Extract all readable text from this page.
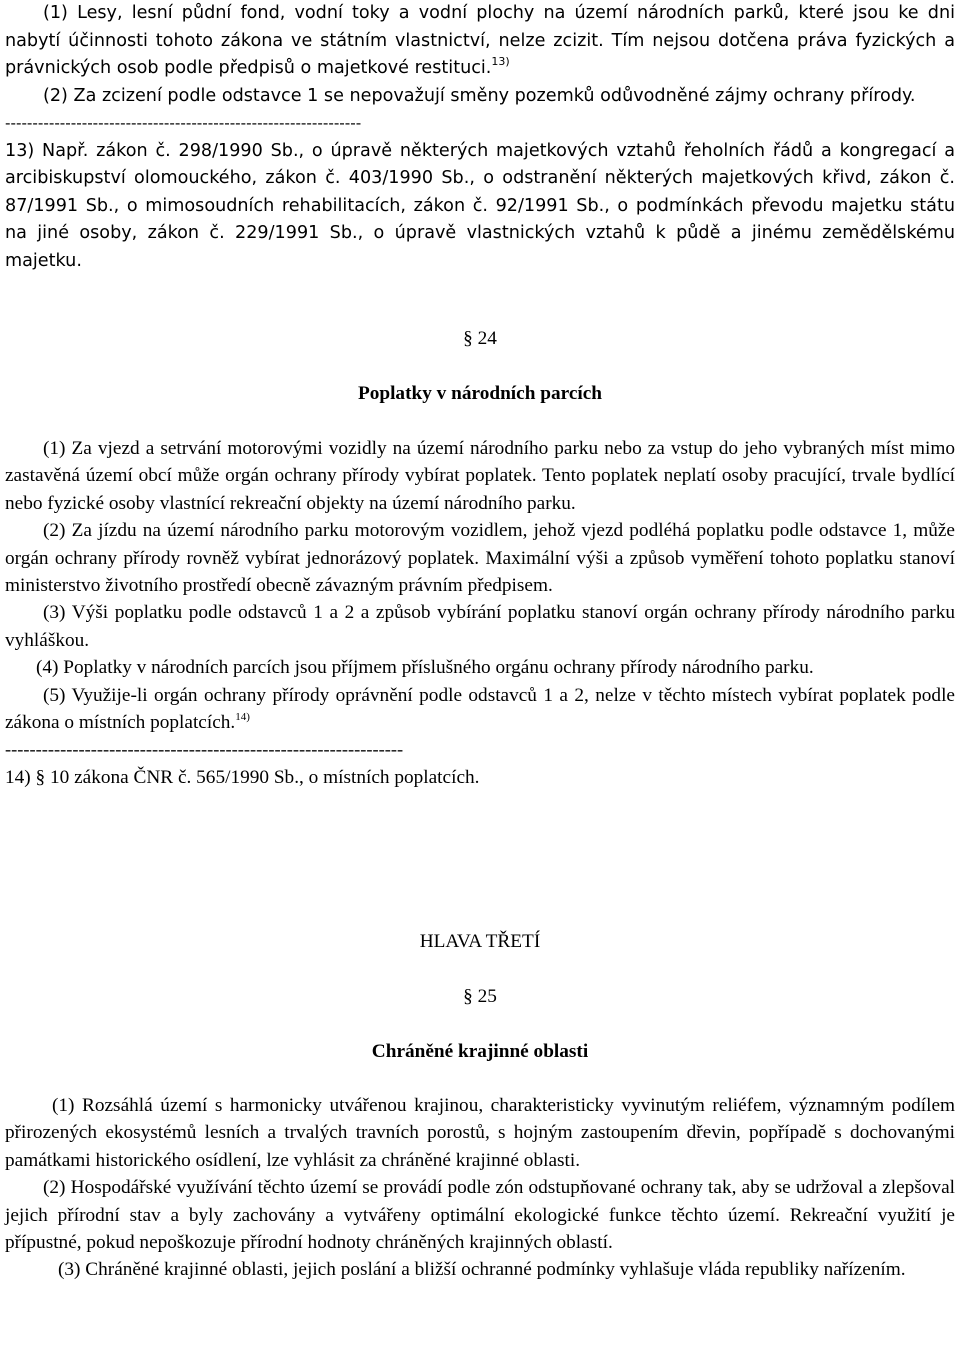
(1) Lesy, lesní půdní fond, vodní toky a vodní plochy na území národních parků, které jsou ke dni nabytí účinnosti tohoto zákona ve státním vlastnictví, nelze zcizit. Tím nejsou dotčena práva fyzických a právnických osob podle předpisů o majetkové restituci.$^{13)}$

(2) Za zcizení podle odstavce 1 se nepovažují směny pozemků odůvodněné zájmy ochrany přírody.

-----------------------------------------------------------------

13) Např. zákon č. 298/1990 Sb., o úpravě některých majetkových vztahů řeholních řádů a kongregací a arcibiskupství olomouckého, zákon č. 403/1990 Sb., o odstranění některých majetkových křivd, zákon č. 87/1991 Sb., o mimosoudních rehabilitacích, zákon č. 92/1991 Sb., o podmínkách převodu majetku státu na jiné osoby, zákon č. 229/1991 Sb., o úpravě vlastnických vztahů k půdě a jinému zemědělskému majetku.

§ 24

Poplatky v národních parcích

(1) Za vjezd a setrvání motorovými vozidly na území národního parku nebo za vstup do jeho vybraných míst mimo zastavěná území obcí může orgán ochrany přírody vybírat poplatek. Tento poplatek neplatí osoby pracující, trvale bydlící nebo fyzické osoby vlastnící rekreační objekty na území národního parku.

(2) Za jízdu na území národního parku motorovým vozidlem, jehož vjezd podléhá poplatku podle odstavce 1, může orgán ochrany přírody rovněž vybírat jednorázový poplatek. Maximální výši a způsob vyměření tohoto poplatku stanoví ministerstvo životního prostředí obecně závazným právním předpisem.

(3) Výši poplatku podle odstavců 1 a 2 a způsob vybírání poplatku stanoví orgán ochrany přírody národního parku vyhláškou.

(4) Poplatky v národních parcích jsou příjmem příslušného orgánu ochrany přírody národního parku.

(5) Využije-li orgán ochrany přírody oprávnění podle odstavců 1 a 2, nelze v těchto místech vybírat poplatek podle zákona o místních poplatcích.$^{14)}$

-----------------------------------------------------------------

14) § 10 zákona ČNR č. 565/1990 Sb., o místních poplatcích.

HLAVA TŘETÍ

§ 25

Chráněné krajinné oblasti

(1) Rozsáhlá území s harmonicky utvářenou krajinou, charakteristicky vyvinutým reliéfem, významným podílem přirozených ekosystémů lesních a trvalých travních porostů, s hojným zastoupením dřevin, popřípadě s dochovanými památkami historického osídlení, lze vyhlásit za chráněné krajinné oblasti.

(2) Hospodářské využívání těchto území se provádí podle zón odstupňované ochrany tak, aby se udržoval a zlepšoval jejich přírodní stav a byly zachovány a vytvářeny optimální ekologické funkce těchto území. Rekreační využití je přípustné, pokud nepoškozuje přírodní hodnoty chráněných krajinných oblastí.

(3) Chráněné krajinné oblasti, jejich poslání a bližší ochranné podmínky vyhlašuje vláda republiky nařízením.
